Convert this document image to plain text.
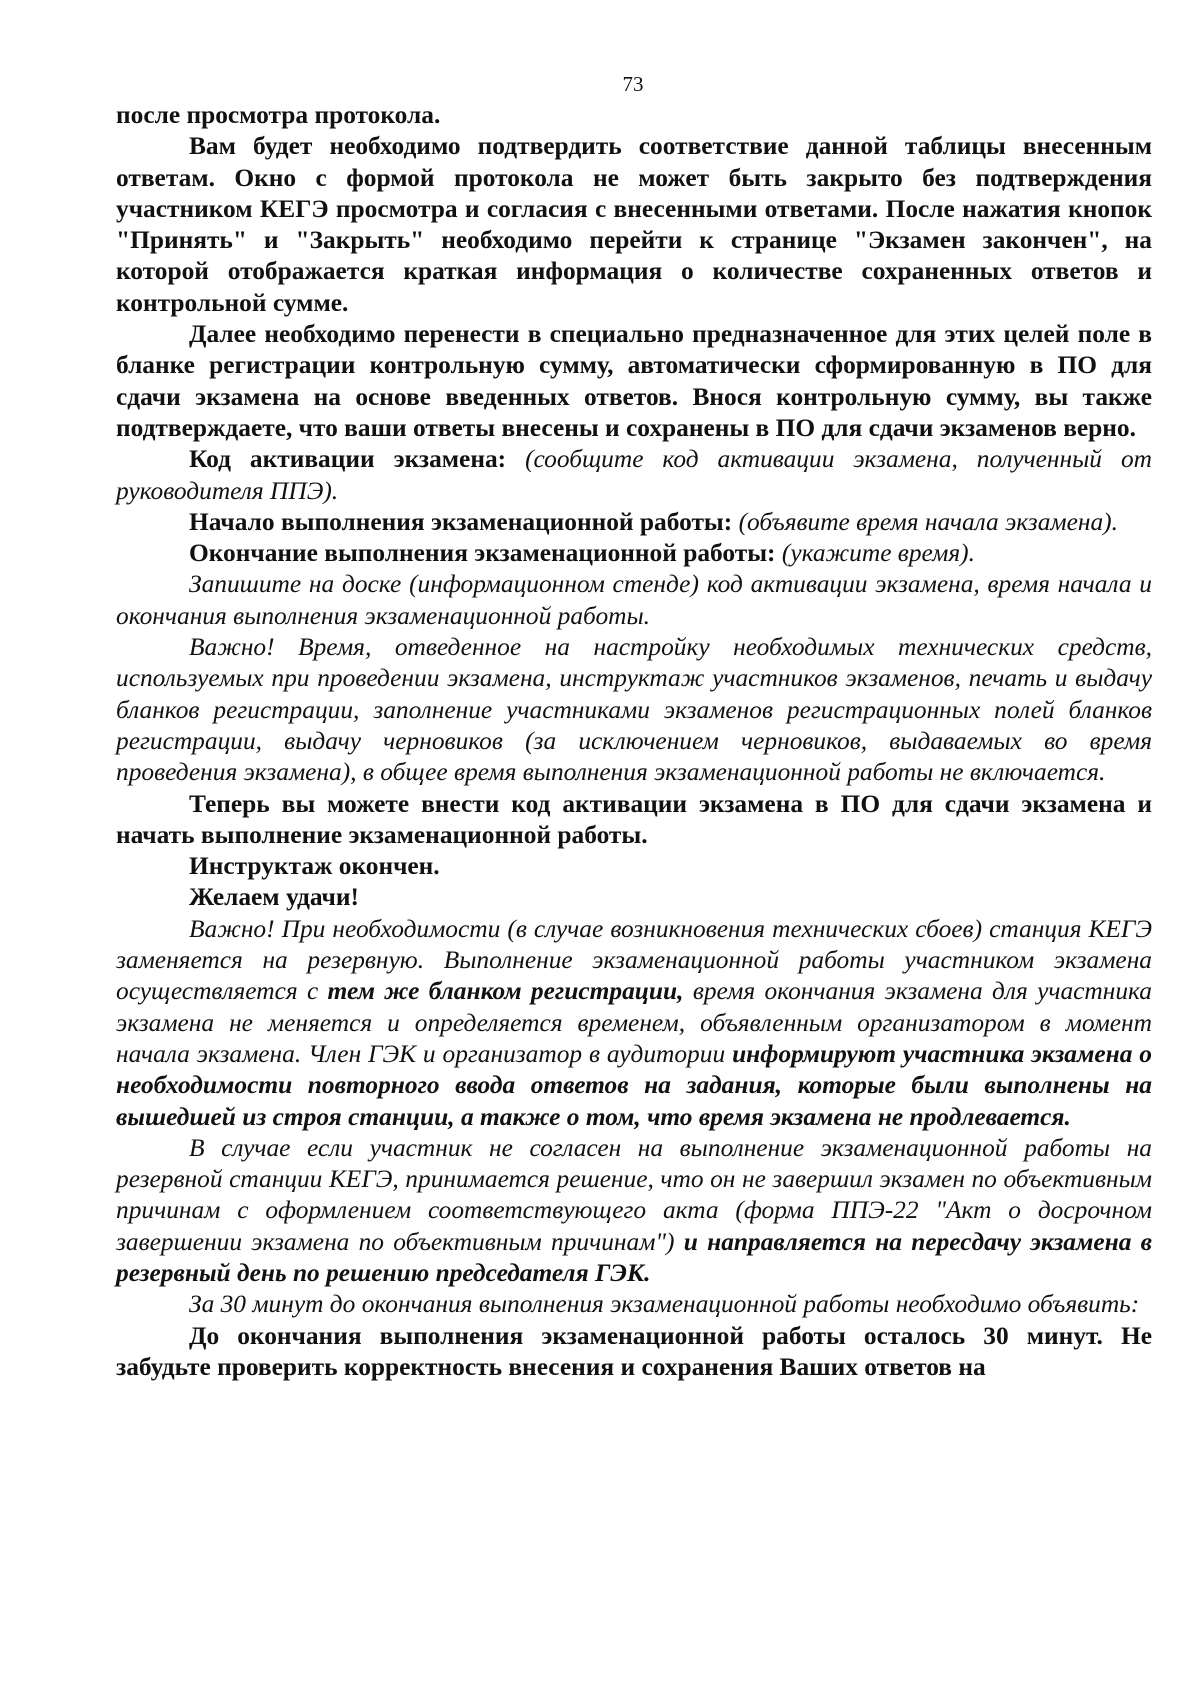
73

после просмотра протокола.

Вам будет необходимо подтвердить соответствие данной таблицы внесенным ответам. Окно с формой протокола не может быть закрыто без подтверждения участником КЕГЭ просмотра и согласия с внесенными ответами. После нажатия кнопок "Принять" и "Закрыть" необходимо перейти к странице "Экзамен закончен", на которой отображается краткая информация о количестве сохраненных ответов и контрольной сумме.

Далее необходимо перенести в специально предназначенное для этих целей поле в бланке регистрации контрольную сумму, автоматически сформированную в ПО для сдачи экзамена на основе введенных ответов. Внося контрольную сумму, вы также подтверждаете, что ваши ответы внесены и сохранены в ПО для сдачи экзаменов верно.

Код активации экзамена: (сообщите код активации экзамена, полученный от руководителя ППЭ).

Начало выполнения экзаменационной работы: (объявите время начала экзамена).

Окончание выполнения экзаменационной работы: (укажите время).

Запишите на доске (информационном стенде) код активации экзамена, время начала и окончания выполнения экзаменационной работы.

Важно! Время, отведенное на настройку необходимых технических средств, используемых при проведении экзамена, инструктаж участников экзаменов, печать и выдачу бланков регистрации, заполнение участниками экзаменов регистрационных полей бланков регистрации, выдачу черновиков (за исключением черновиков, выдаваемых во время проведения экзамена), в общее время выполнения экзаменационной работы не включается.

Теперь вы можете внести код активации экзамена в ПО для сдачи экзамена и начать выполнение экзаменационной работы.

Инструктаж окончен.

Желаем удачи!

Важно! При необходимости (в случае возникновения технических сбоев) станция КЕГЭ заменяется на резервную. Выполнение экзаменационной работы участником экзамена осуществляется с тем же бланком регистрации, время окончания экзамена для участника экзамена не меняется и определяется временем, объявленным организатором в момент начала экзамена. Член ГЭК и организатор в аудитории информируют участника экзамена о необходимости повторного ввода ответов на задания, которые были выполнены на вышедшей из строя станции, а также о том, что время экзамена не продлевается.

В случае если участник не согласен на выполнение экзаменационной работы на резервной станции КЕГЭ, принимается решение, что он не завершил экзамен по объективным причинам с оформлением соответствующего акта (форма ППЭ-22 "Акт о досрочном завершении экзамена по объективным причинам") и направляется на пересдачу экзамена в резервный день по решению председателя ГЭК.

За 30 минут до окончания выполнения экзаменационной работы необходимо объявить:

До окончания выполнения экзаменационной работы осталось 30 минут. Не забудьте проверить корректность внесения и сохранения Ваших ответов на
